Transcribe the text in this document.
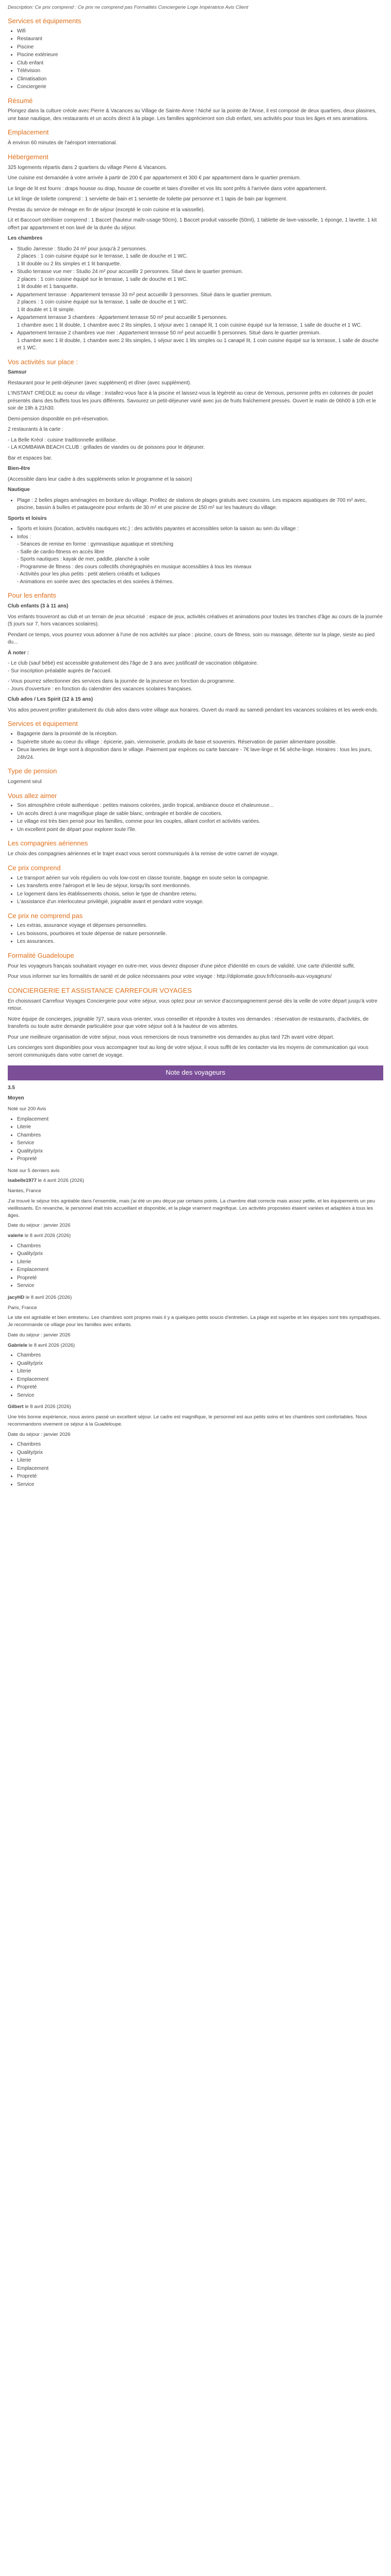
Description: Ce prix comprend : Ce prix ne comprend pas Formalités Conciergerie Loge Impératrice Avis Client

Services et équipements
• Wifi
• Restaurant
• Piscine
• Piscine extérieure
• Club enfant
• Télévision
• Climatisation
• Conciergerie
Résumé

Plongez dans la culture créole avec Pierre & Vacances au Village de Sainte-Anne ! Niché sur la pointe de l'Anse, il est composé de deux quartiers, deux plasines, une base nautique, des restaurants et un accès direct à la plage. Les familles apprécieront son club enfant, ses activités pour tous les âges et ses animations.

Emplacement

À environ 60 minutes de l'aéroport international.

Hébergement

325 logements répartis dans 2 quartiers du village Pierre & Vacances.

Une cuisine est demandée à votre arrivée à partir de 200 € par appartement et 300 € par appartement dans le quartier premium.

Le linge de lit est fourni : draps housse ou drap, housse de couette et taies d'oreiller et vos lits sont prêts à l'arrivée dans votre appartement.

Le kit linge de toilette comprend : 1 serviette de bain et 1 serviette de toilette par personne et 1 tapis de bain par logement.

Prestas du service de ménage en fin de séjour (excepté le coin cuisine et la vaisselle).

Lit et Baccourt stérilisier comprend : 1 Baccet (hauteur maîtr-usage 50cm), 1 Baccet produit vaisselle (50ml), 1 tablette de lave-vaisselle, 1 éponge, 1 lavette. 1 kit offert par appartement et non lavé de la durée du séjour.

Les chambres

• Studio Jarresse : Studio 24 m² pour jusqu'à 2 personnes.
2 places : 1 coin cuisine équipé sur le terrasse, 1 salle de douche et 1 WC.
1 lit double ou 2 lits simples et 1 lit banquette.
• Studio terrasse vue mer : Studio 24 m² pour accueillir 2 personnes. Situé dans le quartier premium.
2 places : 1 coin cuisine équipé sur le terrasse, 1 salle de douche et 1 WC.
1 lit double et 1 banquette.
• Appartement terrasse : Appartement terrasse 33 m² peut accueillir 3 personnes. Situé dans le quartier premium.
2 places : 1 coin cuisine équipé sur la terrasse, 1 salle de douche et 1 WC.
1 lit double et 1 lit simple.
• Appartement terrasse 3 chambres : Appartement terrasse 50 m² peut accueillir 5 personnes.
1 chambre avec 1 lit double, 1 chambre avec 2 lits simples, 1 séjour avec 1 canapé lit, 1 coin cuisine équipé sur la terrasse, 1 salle de douche et 1 WC.
• Appartement terrasse 2 chambres vue mer : Appartement terrasse 50 m² peut accueillir 5 personnes. Situé dans le quartier premium.
1 chambre avec 1 lit double, 1 chambre avec 2 lits simples, 1 séjour avec 1 lits simples ou 1 canapé lit, 1 coin cuisine équipé sur la terrasse, 1 salle de douche et 1 WC.
Vos activités sur place :

Samsur

Restaurant pour le petit-déjeuner (avec supplément) et dîner (avec supplément).

L'INSTANT CRÉOLE au coeur du village : installez-vous face à la piscine et laissez-vous la légèreté au cœur de Vernous, personne prêts en colonnes de poulet présentés dans des buffets tous les jours différents. Savourez un petit-déjeuner varié avec jus de fruits fraîchement pressés. Ouvert le matin de 06h00 à 10h et le soir de 19h à 21h30.

Demi-pension disponible en pré-réservation.

2 restaurants à la carte :

- La Belle Kréol : cuisine traditionnelle antillaise.
- LA KOMBAWA BEACH CLUB : grillades de viandes ou de poissons pour le déjeuner.

Bar et espaces bar.

Bien-être

(Accessible dans leur cadre à des suppléments selon le programme et la saison)

Nautique

• Plage : 2 belles plages aménagées en bordure du village. Profitez de stations de plages gratuits avec coussins. Les espaces aquatiques de 700 m² avec, piscine, bassin à bulles et pataugeoire pour enfants de 30 m² et une piscine de 150 m² sur les hauteurs du village.

Sports et loisirs

• Sports et loisirs (location, activités nautiques etc.) : des activités payantes et accessibles selon la saison au sein du village :
• Infos :
- Séances de remise en forme : gymnastique aquatique et stretching
- Salle de cardio-fitness en accès libre
- Sports nautiques : kayak de mer, paddle, planche à voile
- Programme de fitness : des cours collectifs chorégraphiés en musique accessibles à tous les niveaux
- Activités pour les plus petits : petit ateliers créatifs et ludiques
- Animations en soirée avec des spectacles et des soirées à thèmes.
Pour les enfants

Club enfants (3 à 11 ans)

Vos enfants trouveront au club et un terrain de jeux sécurisé : espace de jeux, activités créatives et animations pour toutes les tranches d'âge au cours de la journée (5 jours sur 7, hors vacances scolaires).

Pendant ce temps, vous pourrez vous adonner à l'une de nos activités sur place : piscine, cours de fitness, soin ou massage, détente sur la plage, sieste au pied du...

À noter :

- Le club (sauf bébé) est accessible gratuitement dès l'âge de 3 ans avec justificatif de vaccination obligatoire.
- Sur inscription préalable auprès de l'accueil.

- Vous pourrez sélectionner des services dans la journée de la jeunesse en fonction du programme.
- Jours d'ouverture : en fonction du calendrier des vacances scolaires françaises.

Club ados / Les Spirit (12 à 15 ans)

Vos ados peuvent profiter gratuitement du club ados dans votre village aux horaires. Ouvert du mardi au samedi pendant les vacances scolaires et les week-ends.

Services et équipement
• Bagagerie dans la proximité de la réception.
• Supérette située au coeur du village : épicerie, pain, viennoiserie, produits de base et souvenirs. Réservation de panier alimentaire possible.
• Deux laveries de linge sont à disposition dans le village. Paiement par espèces ou carte bancaire - 7€ lave-linge et 5€ sèche-linge. Horaires : tous les jours, 24h/24.
Type de pension

Logement seul

Vous allez aimer
• Son atmosphère créole authentique : petites maisons colorées, jardin tropical, ambiance douce et chaleureuse...
• Un accès direct à une magnifique plage de sable blanc, ombragée et bordée de cocotiers.
• Le village est très bien pensé pour les familles, comme pour les couples, alliant confort et activités variées.
• Un excellent point de départ pour explorer toute l'île.
Les compagnies aériennes

Le choix des compagnies aériennes et le trajet exact vous seront communiqués à la remise de votre carnet de voyage.

Ce prix comprend
• Le transport aérien sur vols réguliers ou vols low-cost en classe touriste, bagage en soute selon la compagnie.
• Les transferts entre l'aéroport et le lieu de séjour, lorsqu'ils sont mentionnés.
• Le logement dans les établissements choisis, selon le type de chambre retenu.
• L'assistance d'un interlocuteur privilégié, joignable avant et pendant votre voyage.
Ce prix ne comprend pas
• Les extras, assurance voyage et dépenses personnelles.
• Les boissons, pourboires et toute dépense de nature personnelle.
• Les assurances.
Formalité Guadeloupe

Pour les voyageurs français souhaitant voyager en outre-mer, vous devrez disposer d'une pièce d'identité en cours de validité. Une carte d'identité suffit.

Pour vous informer sur les formalités de santé et de police nécessaires pour votre voyage : http://diplomatie.gouv.fr/fr/conseils-aux-voyageurs/

CONCIERGERIE ET ASSISTANCE CARREFOUR VOYAGES

En choisissant Carrefour Voyages Conciergerie pour votre séjour, vous optez pour un service d'accompagnement pensé dès la veille de votre départ jusqu'à votre retour.

Notre équipe de concierges, joignable 7j/7, saura vous orienter, vous conseiller et répondre à toutes vos demandes : réservation de restaurants, d'activités, de transferts ou toute autre demande particulière pour que votre séjour soit à la hauteur de vos attentes.

Pour une meilleure organisation de votre séjour, nous vous remercions de nous transmettre vos demandes au plus tard 72h avant votre départ.

Les concierges sont disponibles pour vous accompagner tout au long de votre séjour, il vous suffit de les contacter via les moyens de communication qui vous seront communiqués dans votre carnet de voyage.

Note des voyageurs

3.5

Moyen

Noté sur 200 Avis

• Emplacement
• Literie
• Chambres
• Service
• Quality/prix
• Propreté

Noté sur 5 derniers avis

isabelle1977 le 4 avril 2026 (2026)

Nantes, France

J'ai trouvé le séjour très agréable dans l'ensemble, mais j'ai été un peu déçue par certains points. La chambre était correcte mais assez petite, et les équipements un peu vieillissants. En revanche, le personnel était très accueillant et disponible, et la plage vraiment magnifique. Les activités proposées étaient variées et adaptées à tous les âges.

Date du séjour : janvier 2026

valerie le 8 avril 2026 (2026)

• Chambres
• Quality/prix
• Literie
• Emplacement
• Propreté
• Service

jacyHD le 8 avril 2026 (2026)

Paris, France

Le site est agréable et bien entretenu. Les chambres sont propres mais il y a quelques petits soucis d'entretien. La plage est superbe et les équipes sont très sympathiques. Je recommande ce village pour les familles avec enfants.

Date du séjour : janvier 2026

Gabriele le 8 avril 2026 (2026)

• Chambres
• Quality/prix
• Literie
• Emplacement
• Propreté
• Service

Gilbert le 8 avril 2026 (2026)

Une très bonne expérience, nous avons passé un excellent séjour. Le cadre est magnifique, le personnel est aux petits soins et les chambres sont confortables. Nous recommandons vivement ce séjour à la Guadeloupe.

Date du séjour : janvier 2026

• Chambres
• Quality/prix
• Literie
• Emplacement
• Propreté
• Service
